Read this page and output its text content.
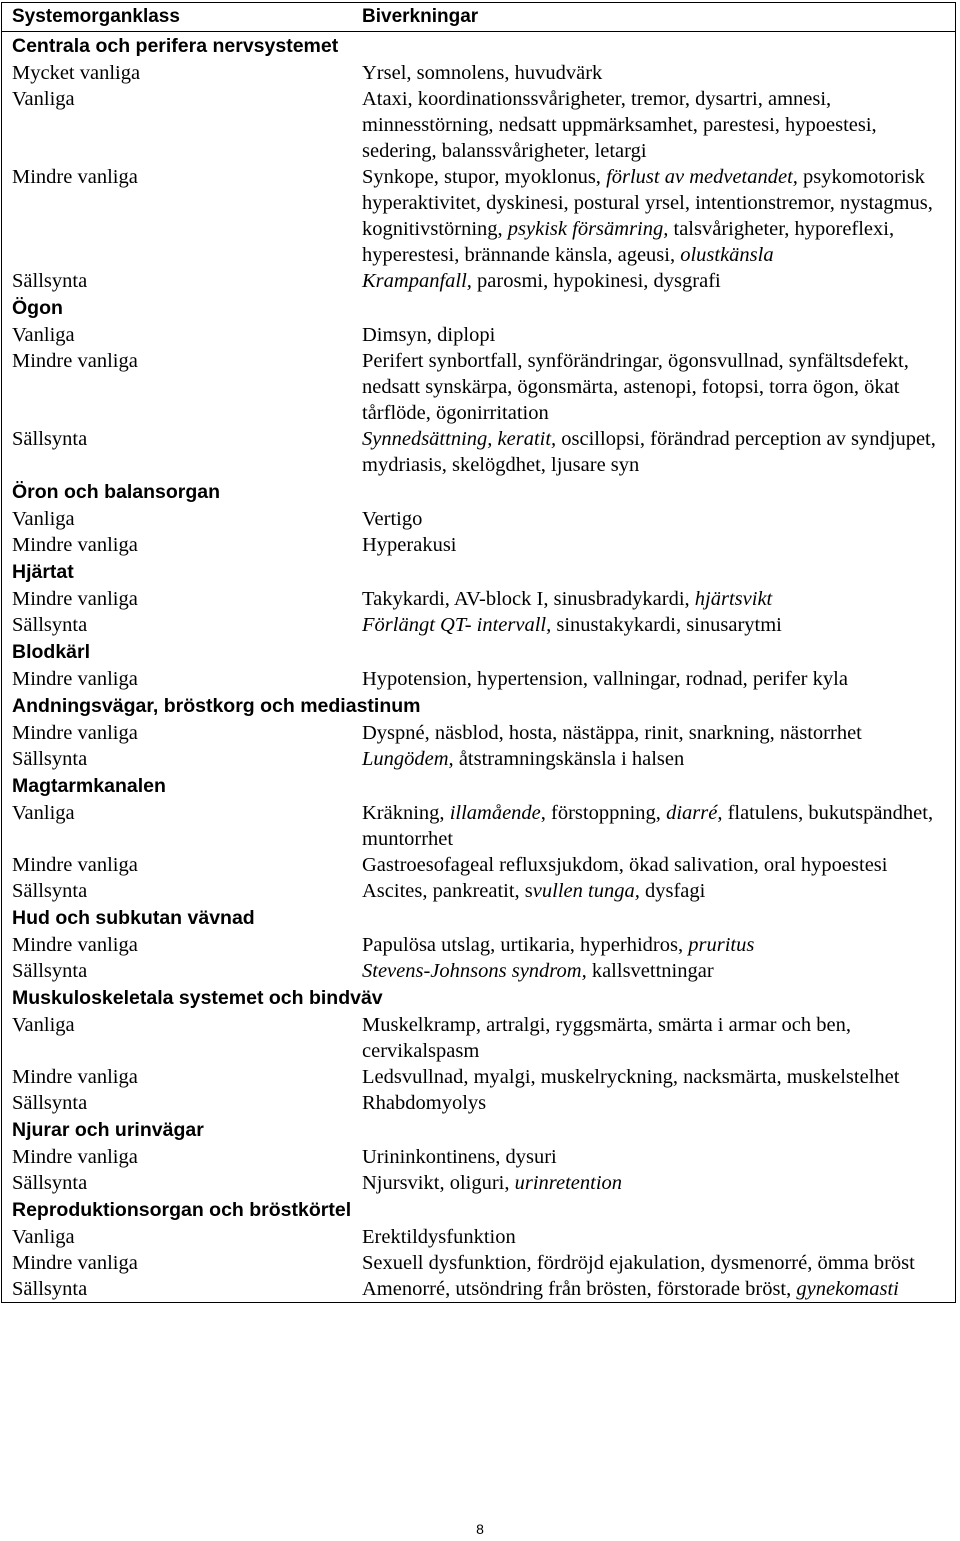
Systemorganklass	Biverkningar
Centrala och perifera nervsystemet
Mycket vanliga	Yrsel, somnolens, huvudvärk
Vanliga	Ataxi, koordinationssvårigheter, tremor, dysartri, amnesi, minnesstörning, nedsatt uppmärksamhet, parestesi, hypoestesi, sedering, balanssvårigheter, letargi
Mindre vanliga	Synkope, stupor, myoklonus, förlust av medvetandet, psykomotorisk hyperaktivitet, dyskinesi, postural yrsel, intentionstremor, nystagmus, kognitivstörning, psykisk försämring, talsvårigheter, hyporeflexi, hyperestesi, brännande känsla, ageusi, olustkänsla
Sällsynta	Krampanfall, parosmi, hypokinesi, dysgrafi
Ögon
Vanliga	Dimsyn, diplopi
Mindre vanliga	Perifert synbortfall, synförändringar, ögonsvullnad, synfältsdefekt, nedsatt synskärpa, ögonsmärta, astenopi, fotopsi, torra ögon, ökat tårflöde, ögonirritation
Sällsynta	Synnedsättning, keratit, oscillopsi, förändrad perception av syndjupet, mydriasis, skelögdhet, ljusare syn
Öron och balansorgan
Vanliga	Vertigo
Mindre vanliga	Hyperakusi
Hjärtat
Mindre vanliga	Takykardi, AV-block I, sinusbradykardi, hjärtsvikt
Sällsynta	Förlängt QT- intervall, sinustakykardi, sinusarytmi
Blodkärl
Mindre vanliga	Hypotension, hypertension, vallningar, rodnad, perifer kyla
Andningsvägar, bröstkorg och mediastinum
Mindre vanliga	Dyspné, näsblod, hosta, nästäppa, rinit, snarkning, nästorrhet
Sällsynta	Lungödem, åtstramningskänsla i halsen
Magtarmkanalen
Vanliga	Kräkning, illamående, förstoppning, diarré, flatulens, bukutspändhet, muntorrhet
Mindre vanliga	Gastroesofageal refluxsjukdom, ökad salivation, oral hypoestesi
Sällsynta	Ascites, pankreatit, svullen tunga, dysfagi
Hud och subkutan vävnad
Mindre vanliga	Papulösa utslag, urtikaria, hyperhidros, pruritus
Sällsynta	Stevens-Johnsons syndrom, kallsvettningar
Muskuloskeletala systemet och bindväv
Vanliga	Muskelkramp, artralgi, ryggsmärta, smärta i armar och ben, cervikalspasm
Mindre vanliga	Ledsvullnad, myalgi, muskelryckning, nacksmärta, muskelstelhet
Sällsynta	Rhabdomyolys
Njurar och urinvägar
Mindre vanliga	Urininkontinens, dysuri
Sällsynta	Njursvikt, oliguri, urinretention
Reproduktionsorgan och bröstkörtel
Vanliga	Erektildysfunktion
Mindre vanliga	Sexuell dysfunktion, fördröjd ejakulation, dysmenorré, ömma bröst
Sällsynta	Amenorré, utsöndring från brösten, förstorade bröst, gynekomasti
8
